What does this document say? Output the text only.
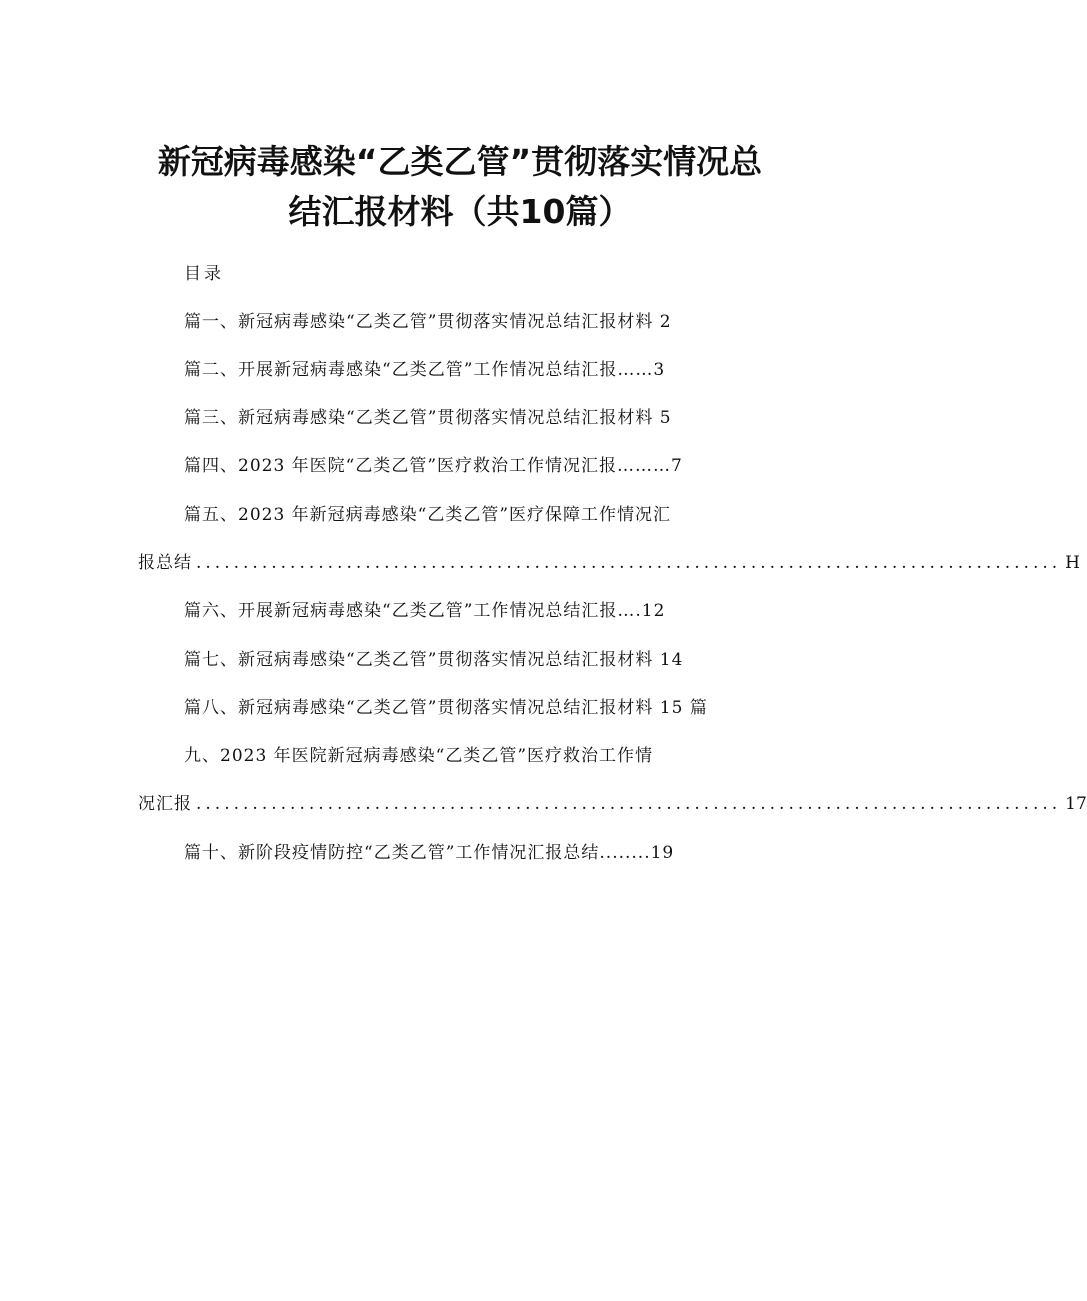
新冠病毒感染“乙类乙管”贯彻落实情况总
结汇报材料（共10篇）
目录
篇一、新冠病毒感染“乙类乙管”贯彻落实情况总结汇报材料 2
篇二、开展新冠病毒感染“乙类乙管”工作情况总结汇报……3
篇三、新冠病毒感染“乙类乙管”贯彻落实情况总结汇报材料 5
篇四、2023 年医院“乙类乙管”医疗救治工作情况汇报………7
篇五、2023 年新冠病毒感染“乙类乙管”医疗保障工作情况汇
报总结 ............................................................................................ H
篇六、开展新冠病毒感染“乙类乙管”工作情况总结汇报….12
篇七、新冠病毒感染“乙类乙管”贯彻落实情况总结汇报材料 14
篇八、新冠病毒感染“乙类乙管”贯彻落实情况总结汇报材料 15 篇
九、2023 年医院新冠病毒感染“乙类乙管”医疗救治工作情
况汇报 ............................................................................................ 17
篇十、新阶段疫情防控“乙类乙管”工作情况汇报总结........19
